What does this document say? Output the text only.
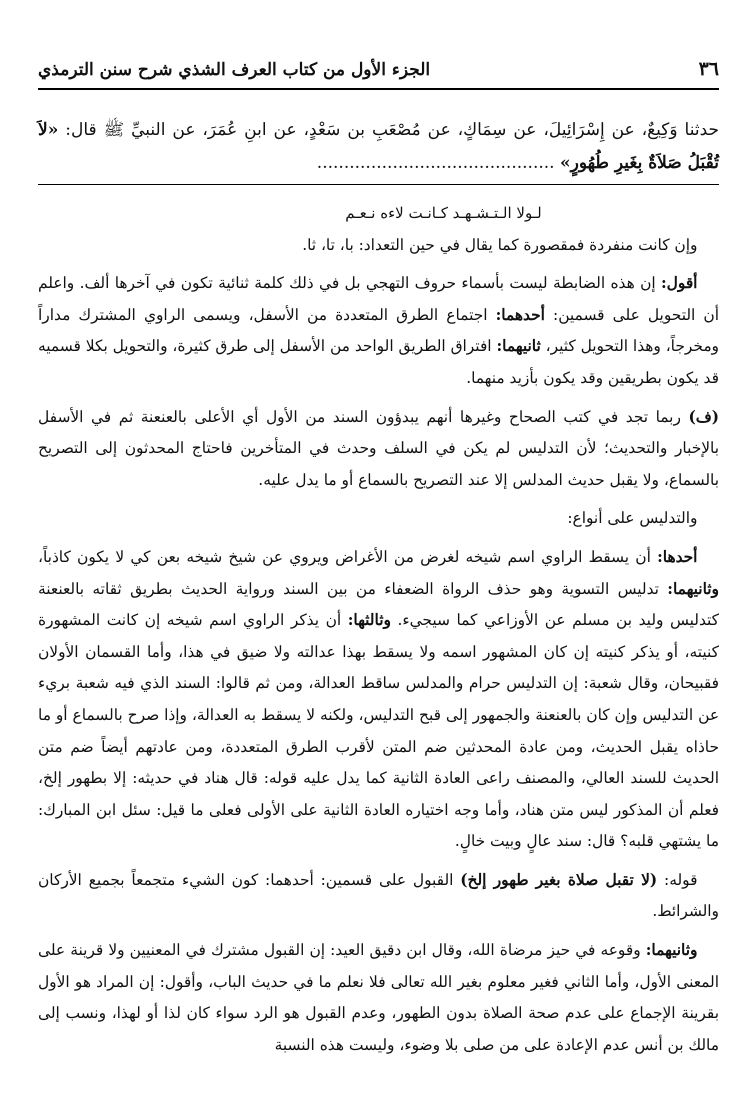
٣٦
الجزء الأول من كتاب العرف الشذي شرح سنن الترمذي
حدثنا وَكِيعٌ، عن إِسْرَائِيلَ، عن سِمَاكٍ، عن مُصْعَبِ بن سَعْدٍ، عن ابنِ عُمَرَ، عن النبيِّ ﷺ قال: «لاَ تُقْبَلُ صَلاَةٌ بِغَيرِ طُهُورٍ» ............................................

لـولا الـتـشـهـد كـانـت لاءه نـعـم

وإن كانت منفردة فمقصورة كما يقال في حين التعداد: با، تا، ثا.

أقول: إن هذه الضابطة ليست بأسماء حروف التهجي بل في ذلك كلمة ثنائية تكون في آخرها ألف. واعلم أن التحويل على قسمين: أحدهما: اجتماع الطرق المتعددة من الأسفل، ويسمى الراوي المشترك مداراً ومخرجاً، وهذا التحويل كثير، ثانيهما: افتراق الطريق الواحد من الأسفل إلى طرق كثيرة، والتحويل بكلا قسميه قد يكون بطريقين وقد يكون بأزيد منهما.

(ف) ربما تجد في كتب الصحاح وغيرها أنهم يبدؤون السند من الأول أي الأعلى بالعنعنة ثم في الأسفل بالإخبار والتحديث؛ لأن التدليس لم يكن في السلف وحدث في المتأخرين فاحتاج المحدثون إلى التصريح بالسماع، ولا يقبل حديث المدلس إلا عند التصريح بالسماع أو ما يدل عليه.

والتدليس على أنواع:

أحدها: أن يسقط الراوي اسم شيخه لغرض من الأغراض ويروي عن شيخ شيخه بعن كي لا يكون كاذباً، وثانيهما: تدليس التسوية وهو حذف الرواة الضعفاء من بين السند ورواية الحديث بطريق ثقاته بالعنعنة كتدليس وليد بن مسلم عن الأوزاعي كما سيجيء. وثالثها: أن يذكر الراوي اسم شيخه إن كانت المشهورة كنيته، أو يذكر كنيته إن كان المشهور اسمه ولا يسقط بهذا عدالته ولا ضيق في هذا، وأما القسمان الأولان فقبيحان، وقال شعبة: إن التدليس حرام والمدلس ساقط العدالة، ومن ثم قالوا: السند الذي فيه شعبة بريء عن التدليس وإن كان بالعنعنة والجمهور إلى قبح التدليس، ولكنه لا يسقط به العدالة، وإذا صرح بالسماع أو ما حاذاه يقبل الحديث، ومن عادة المحدثين ضم المتن لأقرب الطرق المتعددة، ومن عادتهم أيضاً ضم متن الحديث للسند العالي، والمصنف راعى العادة الثانية كما يدل عليه قوله: قال هناد في حديثه: إلا بطهور إلخ، فعلم أن المذكور ليس متن هناد، وأما وجه اختياره العادة الثانية على الأولى فعلى ما قيل: سئل ابن المبارك: ما يشتهي قلبه؟ قال: سند عالٍ وبيت خالٍ.

قوله: (لا تقبل صلاة بغير طهور إلخ) القبول على قسمين: أحدهما: كون الشيء متجمعاً بجميع الأركان والشرائط.

وثانيهما: وقوعه في حيز مرضاة الله، وقال ابن دقيق العيد: إن القبول مشترك في المعنيين ولا قرينة على المعنى الأول، وأما الثاني فغير معلوم بغير الله تعالى فلا نعلم ما في حديث الباب، وأقول: إن المراد هو الأول بقرينة الإجماع على عدم صحة الصلاة بدون الطهور، وعدم القبول هو الرد سواء كان لذا أو لهذا، ونسب إلى مالك بن أنس عدم الإعادة على من صلى بلا وضوء، وليست هذه النسبة
